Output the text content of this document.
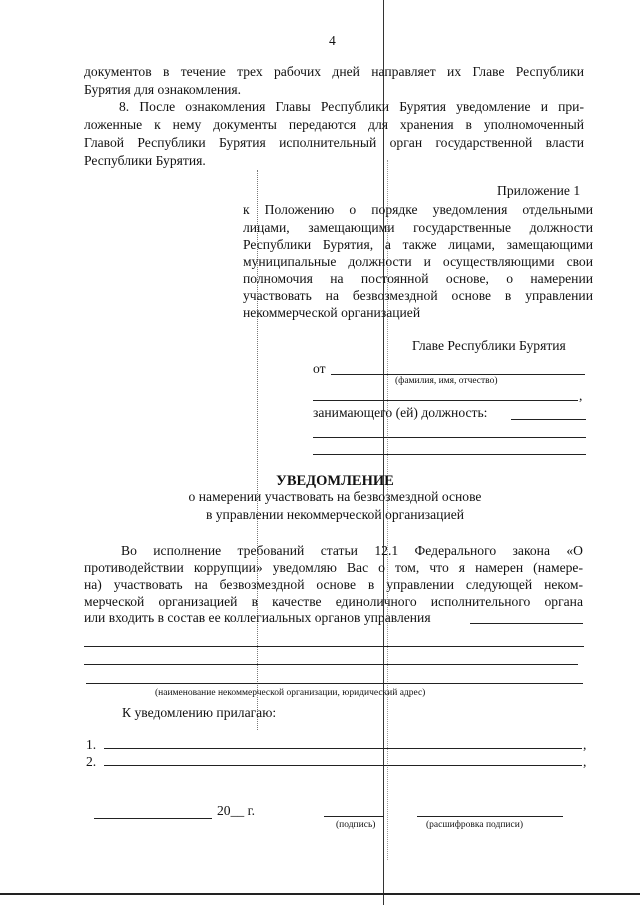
4
документов в течение трех рабочих дней направляет их Главе Республики
Бурятия для ознакомления.
8. После ознакомления Главы Республики Бурятия уведомление и при-
ложенные к нему документы передаются для хранения в уполномоченный
Главой Республики Бурятия исполнительный орган государственной власти
Республики Бурятия.
Приложение 1
к Положению о порядке уведомления отдельными
лицами, замещающими государственные должности
Республики Бурятия, а также лицами, замещающими
муниципальные должности и осуществляющими свои
полномочия на постоянной основе, о намерении
участвовать на безвозмездной основе в управлении
некоммерческой организацией
Главе Республики Бурятия
от
(фамилия, имя, отчество)
,
занимающего (ей) должность:
УВЕДОМЛЕНИЕ
о намерении участвовать на безвозмездной основе
в управлении некоммерческой организацией
Во исполнение требований статьи 12.1 Федерального закона «О
противодействии коррупции» уведомляю Вас о том, что я намерен (намере-
на) участвовать на безвозмездной основе в управлении следующей неком-
мерческой организацией в качестве единоличного исполнительного органа
или входить в состав ее коллегиальных органов управления
(наименование некоммерческой организации, юридический адрес)
К уведомлению прилагаю:
1.	,
2.	,
20__ г.
(подпись)	(расшифровка подписи)
